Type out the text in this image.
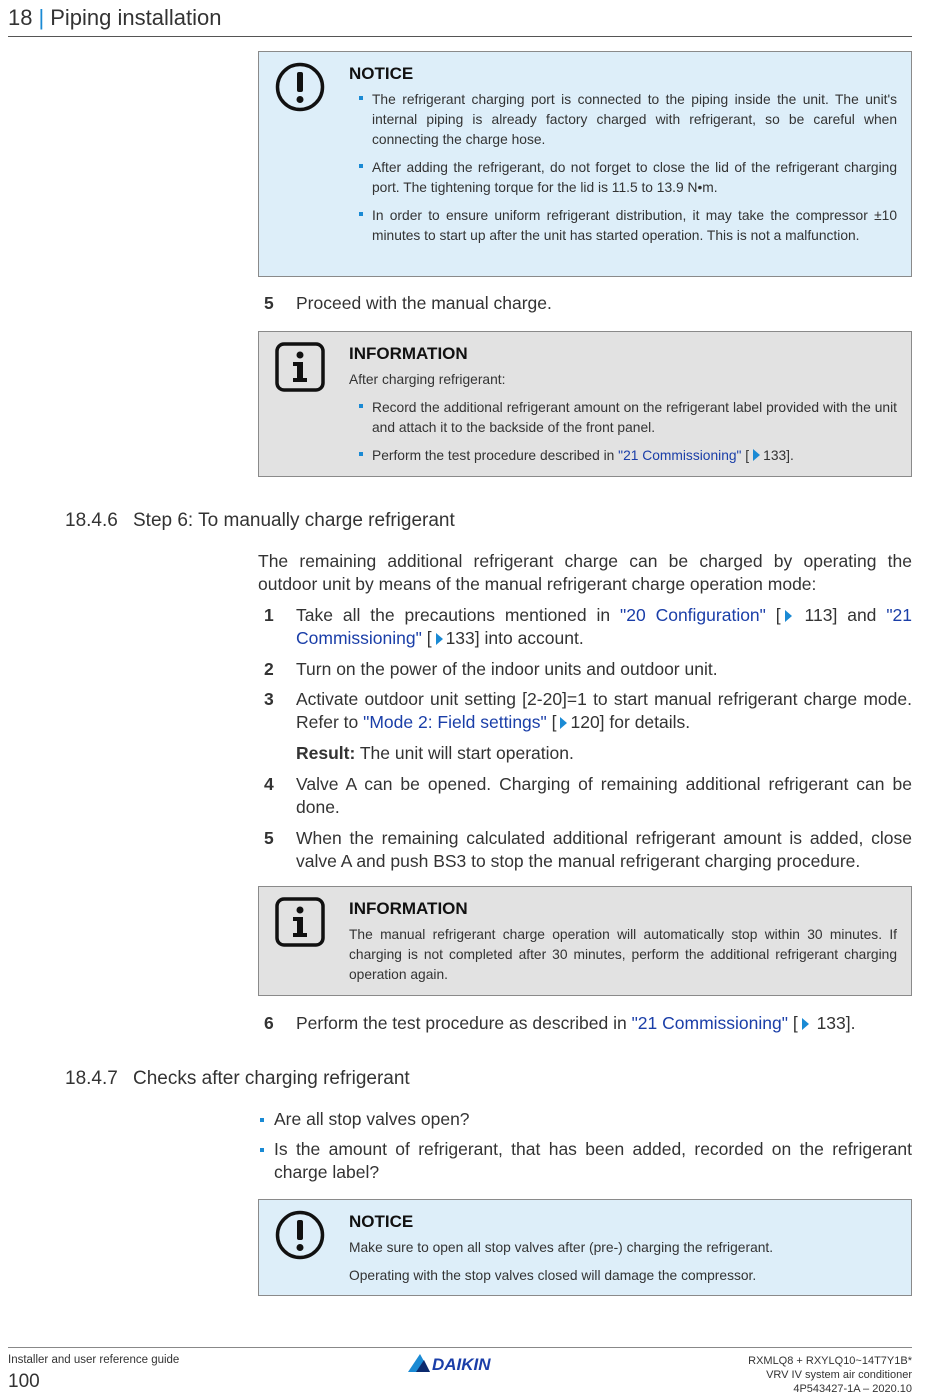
18 | Piping installation
NOTICE
The refrigerant charging port is connected to the piping inside the unit. The unit's internal piping is already factory charged with refrigerant, so be careful when connecting the charge hose.
After adding the refrigerant, do not forget to close the lid of the refrigerant charging port. The tightening torque for the lid is 11.5 to 13.9 N•m.
In order to ensure uniform refrigerant distribution, it may take the compressor ±10 minutes to start up after the unit has started operation. This is not a malfunction.
5 Proceed with the manual charge.
INFORMATION
After charging refrigerant:
Record the additional refrigerant amount on the refrigerant label provided with the unit and attach it to the backside of the front panel.
Perform the test procedure described in "21 Commissioning" [ 133].
18.4.6 Step 6: To manually charge refrigerant
The remaining additional refrigerant charge can be charged by operating the outdoor unit by means of the manual refrigerant charge operation mode:
1 Take all the precautions mentioned in "20 Configuration" [ 113] and "21 Commissioning" [ 133] into account.
2 Turn on the power of the indoor units and outdoor unit.
3 Activate outdoor unit setting [2-20]=1 to start manual refrigerant charge mode. Refer to "Mode 2: Field settings" [ 120] for details.
Result: The unit will start operation.
4 Valve A can be opened. Charging of remaining additional refrigerant can be done.
5 When the remaining calculated additional refrigerant amount is added, close valve A and push BS3 to stop the manual refrigerant charging procedure.
INFORMATION
The manual refrigerant charge operation will automatically stop within 30 minutes. If charging is not completed after 30 minutes, perform the additional refrigerant charging operation again.
6 Perform the test procedure as described in "21 Commissioning" [ 133].
18.4.7 Checks after charging refrigerant
Are all stop valves open?
Is the amount of refrigerant, that has been added, recorded on the refrigerant charge label?
NOTICE
Make sure to open all stop valves after (pre-) charging the refrigerant.
Operating with the stop valves closed will damage the compressor.
Installer and user reference guide
100
DAIKIN	RXMLQ8 + RXYLQ10~14T7Y1B*
VRV IV system air conditioner
4P543427-1A – 2020.10
